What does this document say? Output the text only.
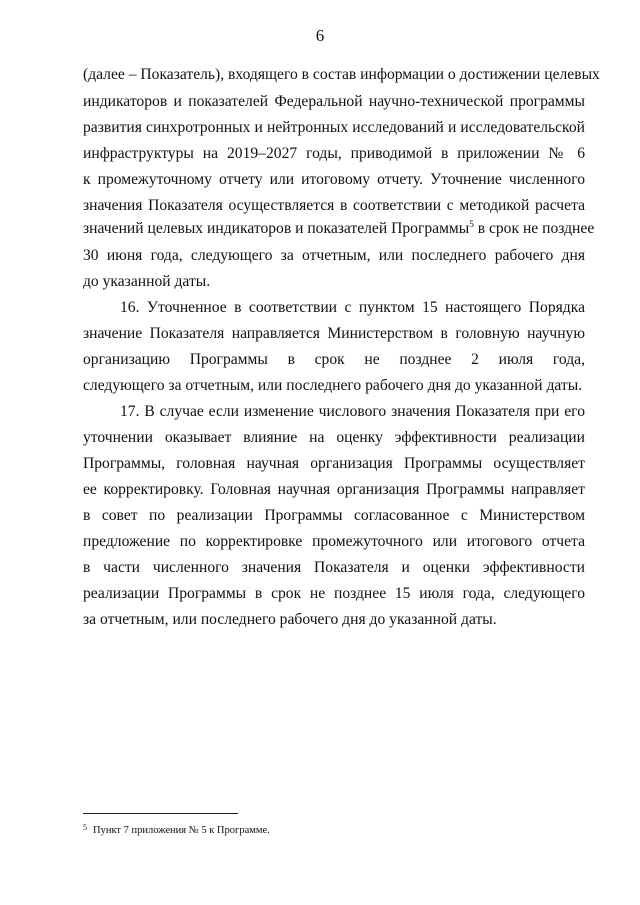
6
(далее – Показатель), входящего в состав информации о достижении целевых
индикаторов и показателей Федеральной научно-технической программы
развития синхротронных и нейтронных исследований и исследовательской
инфраструктуры на 2019–2027 годы, приводимой в приложении № 6
к промежуточному отчету или итоговому отчету. Уточнение численного
значения Показателя осуществляется в соответствии с методикой расчета
значений целевых индикаторов и показателей Программы$^5$ в срок не позднее
30 июня года, следующего за отчетным, или последнего рабочего дня
до указанной даты.
16. Уточненное в соответствии с пунктом 15 настоящего Порядка
значение Показателя направляется Министерством в головную научную
организацию Программы в срок не позднее 2 июля года,
следующего за отчетным, или последнего рабочего дня до указанной даты.
17. В случае если изменение числового значения Показателя при его
уточнении оказывает влияние на оценку эффективности реализации
Программы, головная научная организация Программы осуществляет
ее корректировку. Головная научная организация Программы направляет
в совет по реализации Программы согласованное с Министерством
предложение по корректировке промежуточного или итогового отчета
в части численного значения Показателя и оценки эффективности
реализации Программы в срок не позднее 15 июля года, следующего
за отчетным, или последнего рабочего дня до указанной даты.
$^5$ Пункт 7 приложения № 5 к Программе.
